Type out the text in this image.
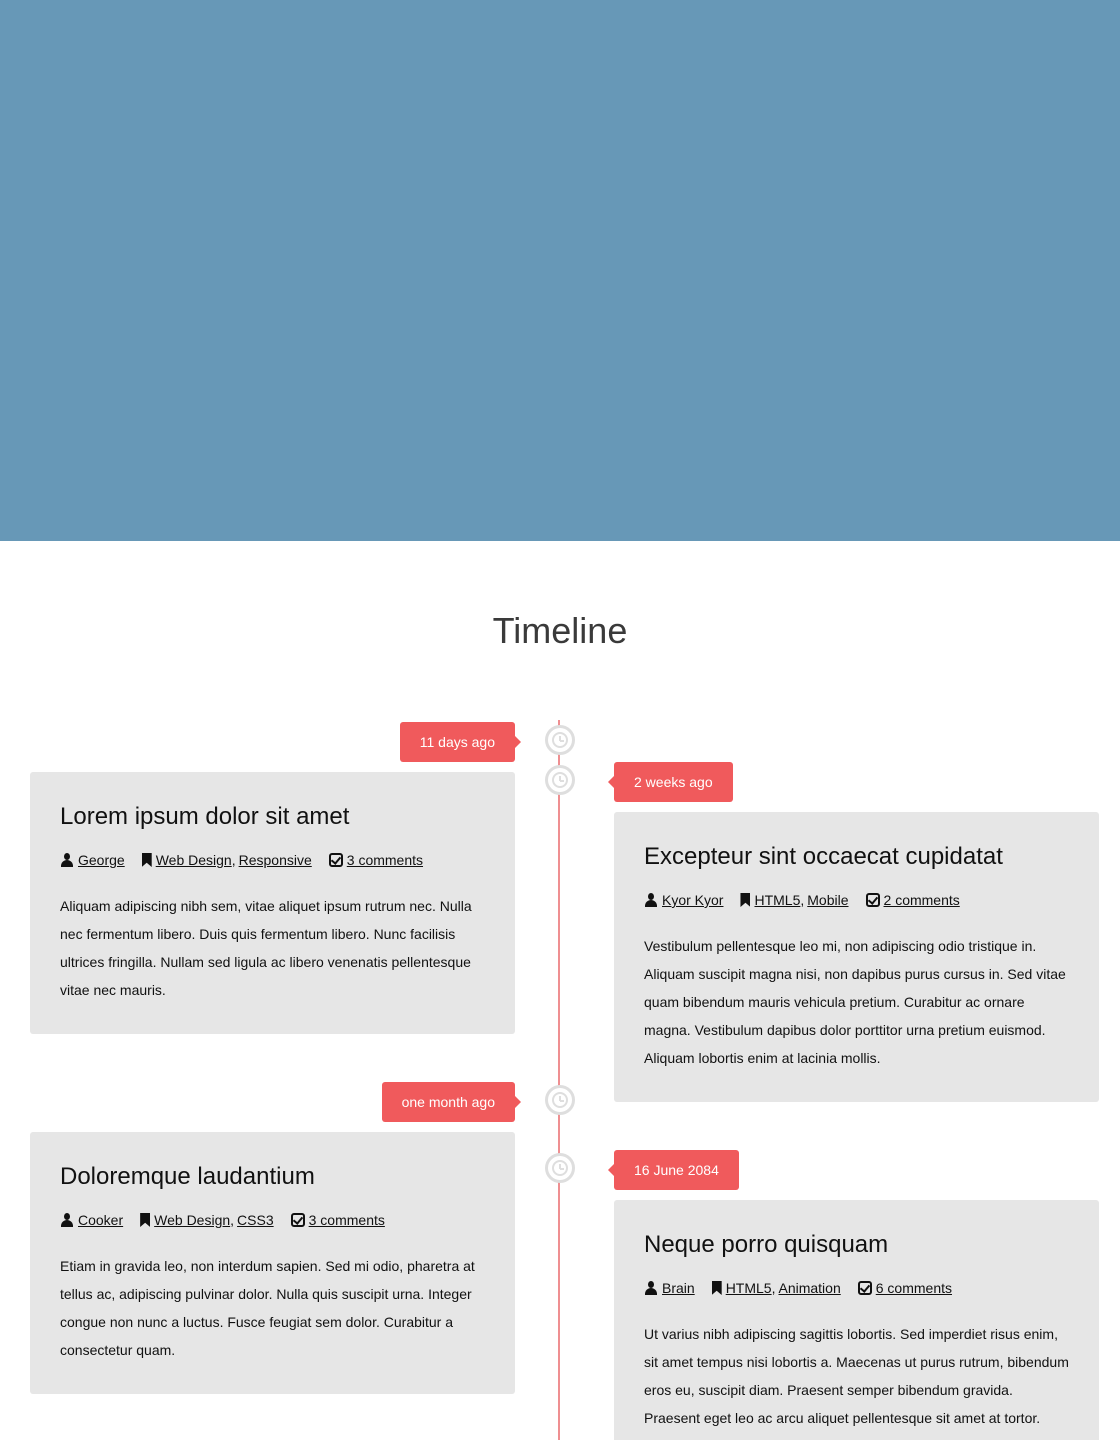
Timeline
11 days ago
Lorem ipsum dolor sit amet
George Web Design , Responsive	3 comments

Aliquam adipiscing nibh sem, vitae aliquet ipsum rutrum nec. Nulla nec fermentum libero. Duis quis fermentum libero. Nunc facilisis ultrices fringilla. Nullam sed ligula ac libero venenatis pellentesque vitae nec mauris.

2 weeks ago
Excepteur sint occaecat cupidatat
Kyor Kyor HTML5 , Mobile	2 comments

Vestibulum pellentesque leo mi, non adipiscing odio tristique in. Aliquam suscipit magna nisi, non dapibus purus cursus in. Sed vitae quam bibendum mauris vehicula pretium. Curabitur ac ornare magna. Vestibulum dapibus dolor porttitor urna pretium euismod. Aliquam lobortis enim at lacinia mollis.

one month ago
Doloremque laudantium
Cooker Web Design , CSS3	3 comments

Etiam in gravida leo, non interdum sapien. Sed mi odio, pharetra at tellus ac, adipiscing pulvinar dolor. Nulla quis suscipit urna. Integer congue non nunc a luctus. Fusce feugiat sem dolor. Curabitur a consectetur quam.

16 June 2084
Neque porro quisquam
Brain HTML5 , Animation	6 comments

Ut varius nibh adipiscing sagittis lobortis. Sed imperdiet risus enim, sit amet tempus nisi lobortis a. Maecenas ut purus rutrum, bibendum eros eu, suscipit diam. Praesent semper bibendum gravida. Praesent eget leo ac arcu aliquet pellentesque sit amet at tortor.
